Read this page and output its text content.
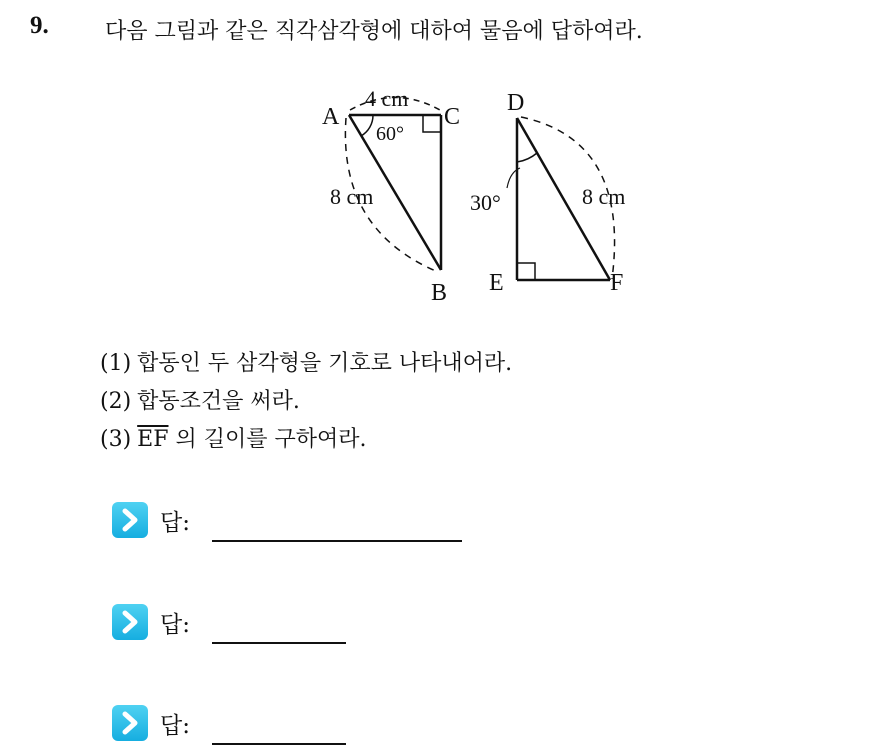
9.	다음 그림과 같은 직각삼각형에 대하여 물음에 답하여라.
A	C
B
4 cm
60°
8 cm
D
E	F
30°	8 cm
(1) 합동인 두 삼각형을 기호로 나타내어라.
(2) 합동조건을 써라.
(3) $\overline{EF}$ 의 길이를 구하여라.
답:
답:
답:
